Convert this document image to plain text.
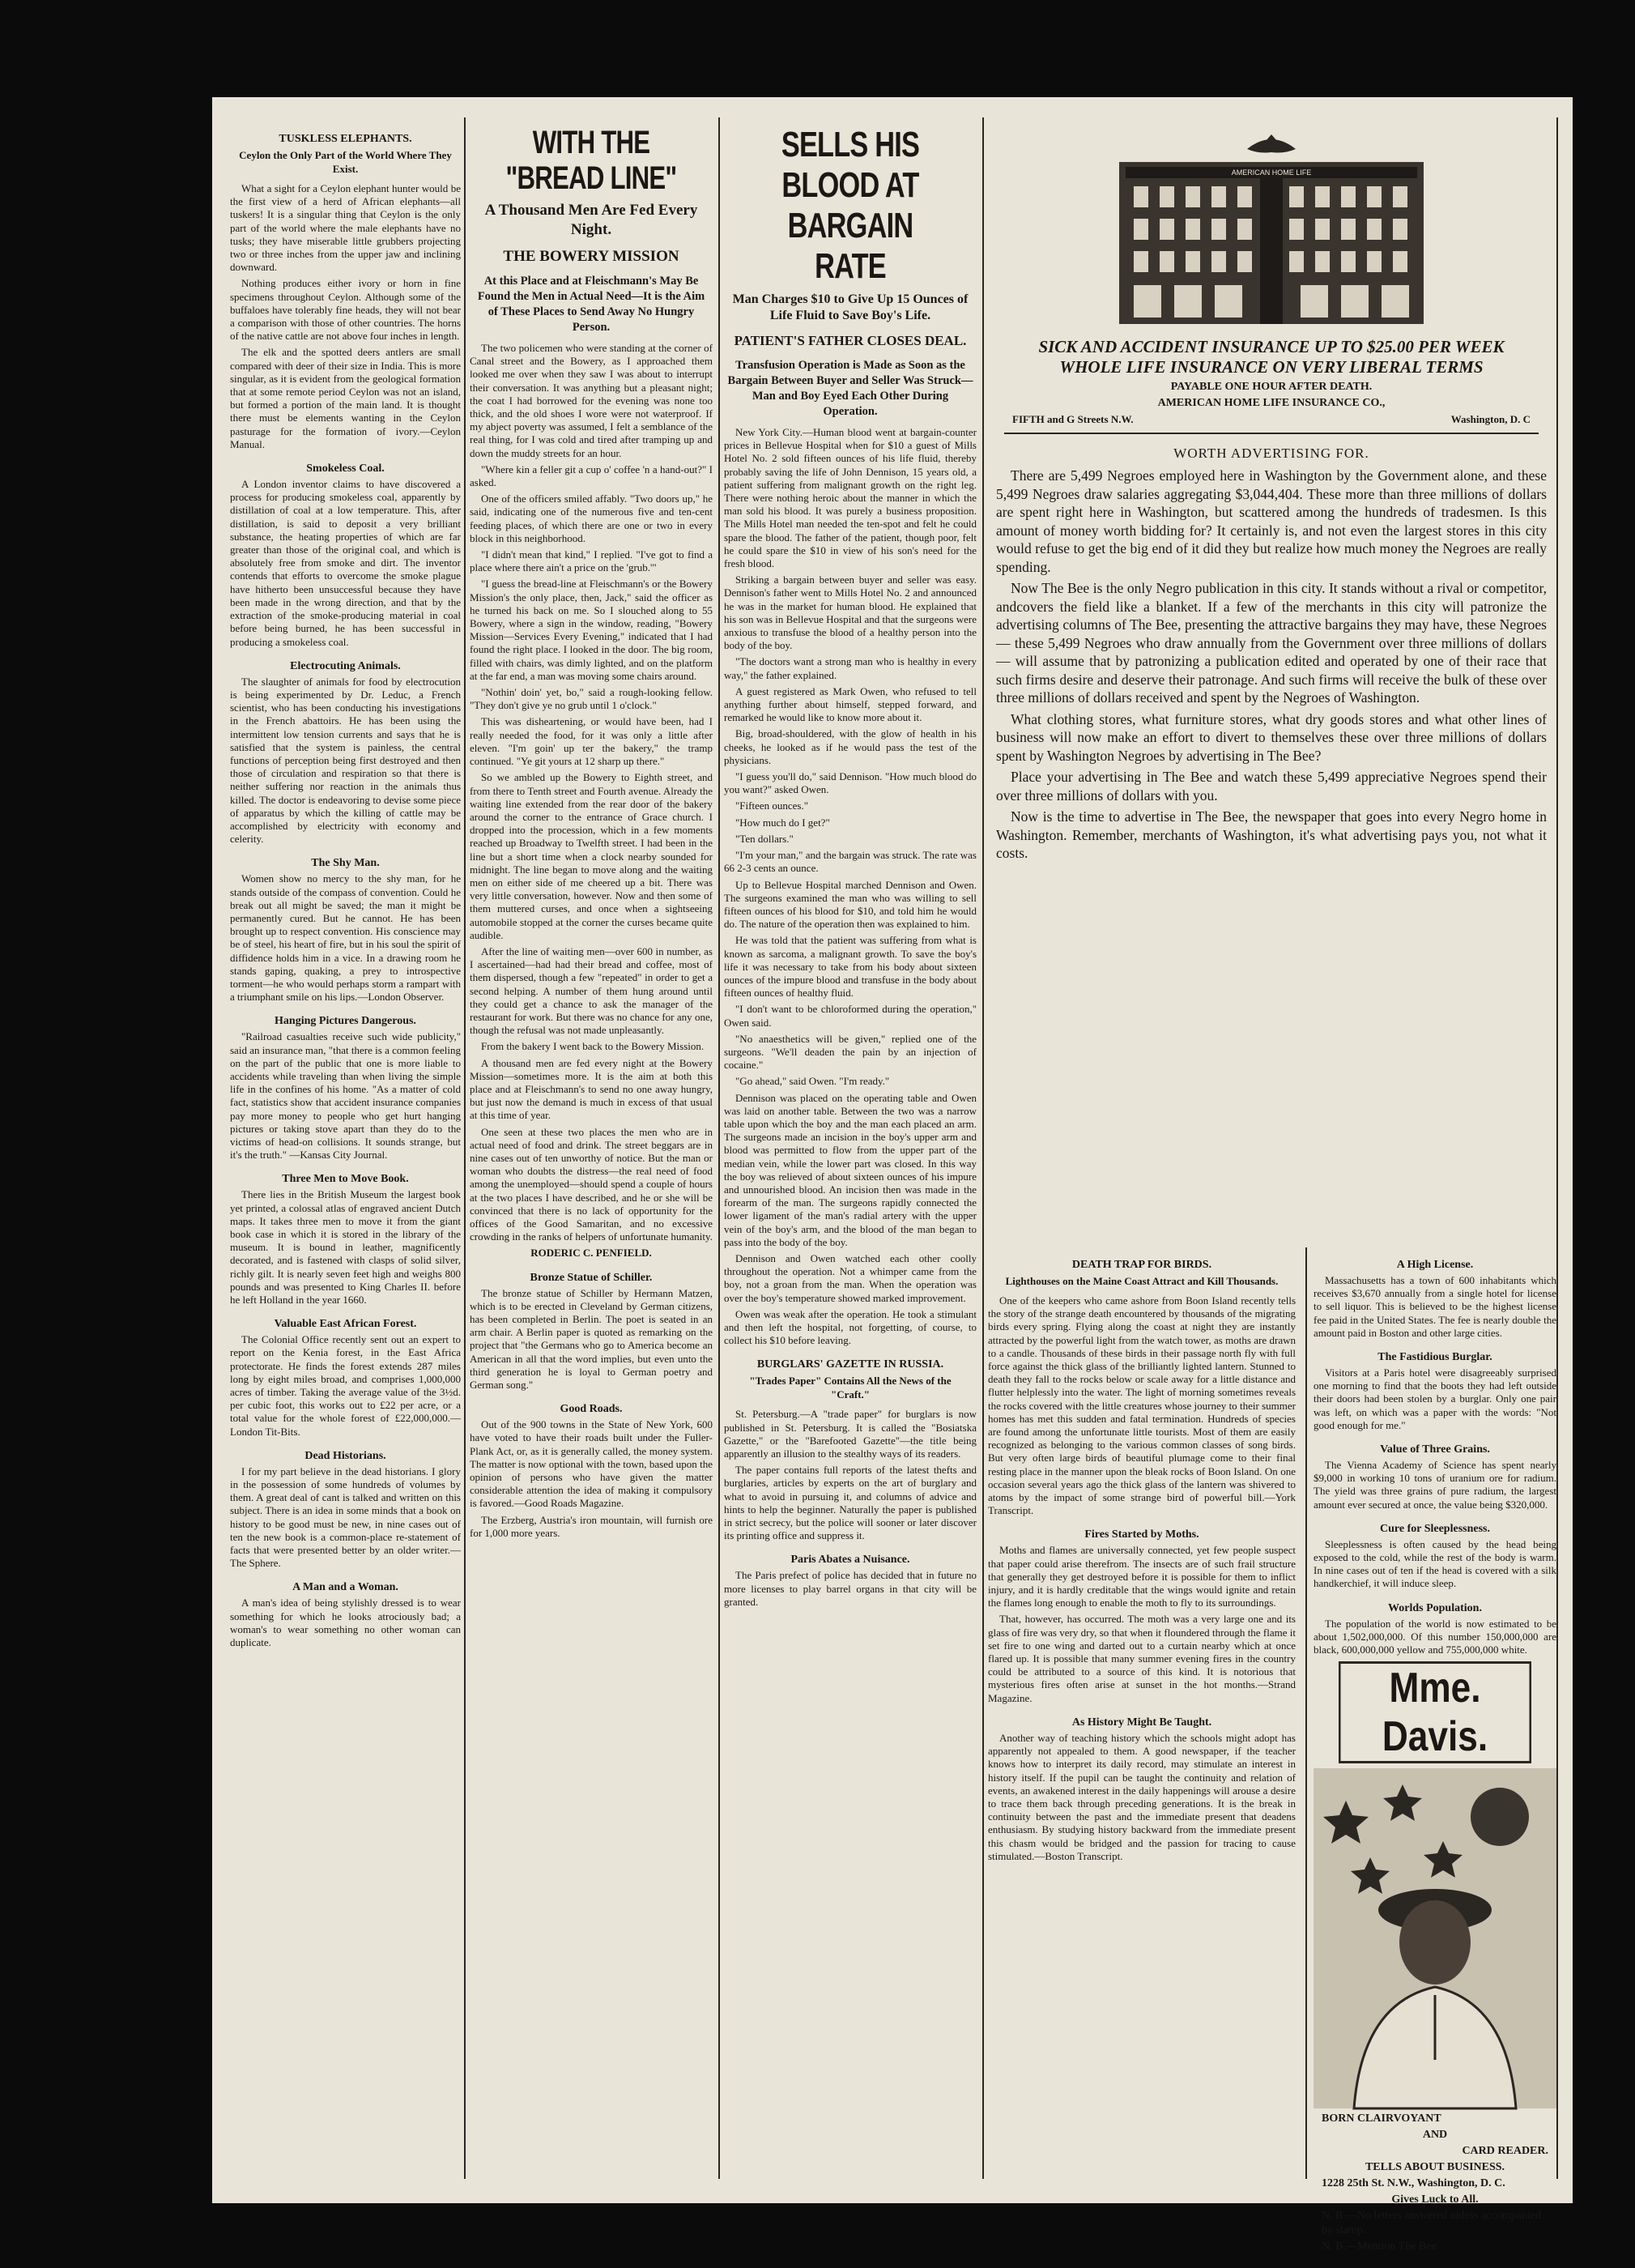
TUSKLESS ELEPHANTS.
Ceylon the Only Part of the World Where They Exist.

What a sight for a Ceylon elephant hunter would be the first view of a herd of African elephants—all tuskers! It is a singular thing that Ceylon is the only part of the world where the male elephants have no tusks; they have miserable little grubbers projecting two or three inches from the upper jaw and inclining downward.

Nothing produces either ivory or horn in fine specimens throughout Ceylon. Although some of the buffaloes have tolerably fine heads, they will not bear a comparison with those of other countries. The horns of the native cattle are not above four inches in length.

The elk and the spotted deers antlers are small compared with deer of their size in India. This is more singular, as it is evident from the geological formation that at some remote period Ceylon was not an island, but formed a portion of the main land. It is thought there must be elements wanting in the Ceylon pasturage for the formation of ivory.—Ceylon Manual.

Smokeless Coal.

A London inventor claims to have discovered a process for producing smokeless coal, apparently by distillation of coal at a low temperature. This, after distillation, is said to deposit a very brilliant substance, the heating properties of which are far greater than those of the original coal, and which is absolutely free from smoke and dirt. The inventor contends that efforts to overcome the smoke plague have hitherto been unsuccessful because they have been made in the wrong direction, and that by the extraction of the smoke-producing material in coal before being burned, he has been successful in producing a smokeless coal.

Electrocuting Animals.

The slaughter of animals for food by electrocution is being experimented by Dr. Leduc, a French scientist, who has been conducting his investigations in the French abattoirs. He has been using the intermittent low tension currents and says that he is satisfied that the system is painless, the central functions of perception being first destroyed and then those of circulation and respiration so that there is neither suffering nor reaction in the animals thus killed. The doctor is endeavoring to devise some piece of apparatus by which the killing of cattle may be accomplished by electricity with economy and celerity.

The Shy Man.

Women show no mercy to the shy man, for he stands outside of the compass of convention. Could he break out all might be saved; the man it might be permanently cured. But he cannot. He has been brought up to respect convention. His conscience may be of steel, his heart of fire, but in his soul the spirit of diffidence holds him in a vice. In a drawing room he stands gaping, quaking, a prey to introspective torment—he who would perhaps storm a rampart with a triumphant smile on his lips.—London Observer.

Hanging Pictures Dangerous.

"Railroad casualties receive such wide publicity," said an insurance man, "that there is a common feeling on the part of the public that one is more liable to accidents while traveling than when living the simple life in the confines of his home. "As a matter of cold fact, statistics show that accident insurance companies pay more money to people who get hurt hanging pictures or taking stove apart than they do to the victims of head-on collisions. It sounds strange, but it's the truth." —Kansas City Journal.

Three Men to Move Book.

There lies in the British Museum the largest book yet printed, a colossal atlas of engraved ancient Dutch maps. It takes three men to move it from the giant book case in which it is stored in the library of the museum. It is bound in leather, magnificently decorated, and is fastened with clasps of solid silver, richly gilt. It is nearly seven feet high and weighs 800 pounds and was presented to King Charles II. before he left Holland in the year 1660.

Valuable East African Forest.

The Colonial Office recently sent out an expert to report on the Kenia forest, in the East Africa protectorate. He finds the forest extends 287 miles long by eight miles broad, and comprises 1,000,000 acres of timber. Taking the average value of the 3½d. per cubic foot, this works out to £22 per acre, or a total value for the whole forest of £22,000,000.—London Tit-Bits.

Dead Historians.

I for my part believe in the dead historians. I glory in the possession of some hundreds of volumes by them. A great deal of cant is talked and written on this subject. There is an idea in some minds that a book on history to be good must be new, in nine cases out of ten the new book is a common-place re-statement of facts that were presented better by an older writer.—The Sphere.

A Man and a Woman.

A man's idea of being stylishly dressed is to wear something for which he looks atrociously bad; a woman's to wear something no other woman can duplicate.

WITH THE "BREAD LINE"
A Thousand Men Are Fed Every Night.
THE BOWERY MISSION
At this Place and at Fleischmann's May Be Found the Men in Actual Need—It is the Aim of These Places to Send Away No Hungry Person.

The two policemen who were standing at the corner of Canal street and the Bowery, as I approached them looked me over when they saw I was about to interrupt their conversation. It was anything but a pleasant night; the coat I had borrowed for the evening was none too thick, and the old shoes I wore were not waterproof. If my abject poverty was assumed, I felt a semblance of the real thing, for I was cold and tired after tramping up and down the muddy streets for an hour.

"Where kin a feller git a cup o' coffee 'n a hand-out?" I asked.

One of the officers smiled affably. "Two doors up," he said, indicating one of the numerous five and ten-cent feeding places, of which there are one or two in every block in this neighborhood.

"I didn't mean that kind," I replied. "I've got to find a place where there ain't a price on the 'grub.'"

"I guess the bread-line at Fleischmann's or the Bowery Mission's the only place, then, Jack," said the officer as he turned his back on me. So I slouched along to 55 Bowery, where a sign in the window, reading, "Bowery Mission—Services Every Evening," indicated that I had found the right place. I looked in the door. The big room, filled with chairs, was dimly lighted, and on the platform at the far end, a man was moving some chairs around.

"Nothin' doin' yet, bo," said a rough-looking fellow. "They don't give ye no grub until 1 o'clock."

This was disheartening, or would have been, had I really needed the food, for it was only a little after eleven. "I'm goin' up ter the bakery," the tramp continued. "Ye git yours at 12 sharp up there."

So we ambled up the Bowery to Eighth street, and from there to Tenth street and Fourth avenue. Already the waiting line extended from the rear door of the bakery around the corner to the entrance of Grace church. I dropped into the procession, which in a few moments reached up Broadway to Twelfth street. I had been in the line but a short time when a clock nearby sounded for midnight. The line began to move along and the waiting men on either side of me cheered up a bit. There was very little conversation, however. Now and then some of them muttered curses, and once when a sightseeing automobile stopped at the corner the curses became quite audible.

After the line of waiting men—over 600 in number, as I ascertained—had had their bread and coffee, most of them dispersed, though a few "repeated" in order to get a second helping. A number of them hung around until they could get a chance to ask the manager of the restaurant for work. But there was no chance for any one, though the refusal was not made unpleasantly.

From the bakery I went back to the Bowery Mission.

A thousand men are fed every night at the Bowery Mission—sometimes more. It is the aim at both this place and at Fleischmann's to send no one away hungry, but just now the demand is much in excess of that usual at this time of year.

One seen at these two places the men who are in actual need of food and drink. The street beggars are in nine cases out of ten unworthy of notice. But the man or woman who doubts the distress—the real need of food among the unemployed—should spend a couple of hours at the two places I have described, and he or she will be convinced that there is no lack of opportunity for the offices of the Good Samaritan, and no excessive crowding in the ranks of helpers of unfortunate humanity.

RODERIC C. PENFIELD.

Bronze Statue of Schiller.

The bronze statue of Schiller by Hermann Matzen, which is to be erected in Cleveland by German citizens, has been completed in Berlin. The poet is seated in an arm chair. A Berlin paper is quoted as remarking on the project that "the Germans who go to America become an American in all that the word implies, but even unto the third generation he is loyal to German poetry and German song."

Good Roads.

Out of the 900 towns in the State of New York, 600 have voted to have their roads built under the Fuller-Plank Act, or, as it is generally called, the money system. The matter is now optional with the town, based upon the opinion of persons who have given the matter considerable attention the idea of making it compulsory is favored.—Good Roads Magazine.

The Erzberg, Austria's iron mountain, will furnish ore for 1,000 more years.

SELLS HIS BLOOD AT BARGAIN RATE
Man Charges $10 to Give Up 15 Ounces of Life Fluid to Save Boy's Life.
PATIENT'S FATHER CLOSES DEAL.
Transfusion Operation is Made as Soon as the Bargain Between Buyer and Seller Was Struck—Man and Boy Eyed Each Other During Operation.

New York City.—Human blood went at bargain-counter prices in Bellevue Hospital when for $10 a guest of Mills Hotel No. 2 sold fifteen ounces of his life fluid, thereby probably saving the life of John Dennison, 15 years old, a patient suffering from malignant growth on the right leg. There were nothing heroic about the manner in which the man sold his blood. It was purely a business proposition. The Mills Hotel man needed the ten-spot and felt he could spare the blood. The father of the patient, though poor, felt he could spare the $10 in view of his son's need for the fresh blood.

Striking a bargain between buyer and seller was easy. Dennison's father went to Mills Hotel No. 2 and announced he was in the market for human blood. He explained that his son was in Bellevue Hospital and that the surgeons were anxious to transfuse the blood of a healthy person into the body of the boy.

"The doctors want a strong man who is healthy in every way," the father explained.

A guest registered as Mark Owen, who refused to tell anything further about himself, stepped forward, and remarked he would like to know more about it.

Big, broad-shouldered, with the glow of health in his cheeks, he looked as if he would pass the test of the physicians.

"I guess you'll do," said Dennison. "How much blood do you want?" asked Owen.

"Fifteen ounces."

"How much do I get?"

"Ten dollars."

"I'm your man," and the bargain was struck. The rate was 66 2-3 cents an ounce.

Up to Bellevue Hospital marched Dennison and Owen. The surgeons examined the man who was willing to sell fifteen ounces of his blood for $10, and told him he would do. The nature of the operation then was explained to him.

He was told that the patient was suffering from what is known as sarcoma, a malignant growth. To save the boy's life it was necessary to take from his body about sixteen ounces of the impure blood and transfuse in the body about fifteen ounces of healthy fluid.

"I don't want to be chloroformed during the operation," Owen said.

"No anaesthetics will be given," replied one of the surgeons. "We'll deaden the pain by an injection of cocaine."

"Go ahead," said Owen. "I'm ready."

Dennison was placed on the operating table and Owen was laid on another table. Between the two was a narrow table upon which the boy and the man each placed an arm. The surgeons made an incision in the boy's upper arm and blood was permitted to flow from the upper part of the median vein, while the lower part was closed. In this way the boy was relieved of about sixteen ounces of his impure and unnourished blood. An incision then was made in the forearm of the man. The surgeons rapidly connected the lower ligament of the man's radial artery with the upper vein of the boy's arm, and the blood of the man began to pass into the body of the boy.

Dennison and Owen watched each other coolly throughout the operation. Not a whimper came from the boy, not a groan from the man. When the operation was over the boy's temperature showed marked improvement.

Owen was weak after the operation. He took a stimulant and then left the hospital, not forgetting, of course, to collect his $10 before leaving.

BURGLARS' GAZETTE IN RUSSIA.
"Trades Paper" Contains All the News of the "Craft."

St. Petersburg.—A "trade paper" for burglars is now published in St. Petersburg. It is called the "Bosiatska Gazette," or the "Barefooted Gazette"—the title being apparently an illusion to the stealthy ways of its readers.

The paper contains full reports of the latest thefts and burglaries, articles by experts on the art of burglary and what to avoid in pursuing it, and columns of advice and hints to help the beginner. Naturally the paper is published in strict secrecy, but the police will sooner or later discover its printing office and suppress it.

Paris Abates a Nuisance.

The Paris prefect of police has decided that in future no more licenses to play barrel organs in that city will be granted.

AMERICAN HOME LIFE
SICK AND ACCIDENT INSURANCE UP TO $25.00 PER WEEK WHOLE LIFE INSURANCE ON VERY LIBERAL TERMS
PAYABLE ONE HOUR AFTER DEATH.
AMERICAN HOME LIFE INSURANCE CO.,
FIFTH and G Streets N.W.	Washington, D. C
WORTH ADVERTISING FOR.

There are 5,499 Negroes employed here in Washington by the Government alone, and these 5,499 Negroes draw salaries aggregating $3,044,404. These more than three millions of dollars are spent right here in Washington, but scattered among the hundreds of tradesmen. Is this amount of money worth bidding for? It certainly is, and not even the largest stores in this city would refuse to get the big end of it did they but realize how much money the Negroes are really spending.

Now The Bee is the only Negro publication in this city. It stands without a rival or competitor, andcovers the field like a blanket. If a few of the merchants in this city will patronize the advertising columns of The Bee, presenting the attractive bargains they may have, these Negroes — these 5,499 Negroes who draw annually from the Government over three millions of dollars — will assume that by patronizing a publication edited and operated by one of their race that such firms desire and deserve their patronage. And such firms will receive the bulk of these over three millions of dollars received and spent by the Negroes of Washington.

What clothing stores, what furniture stores, what dry goods stores and what other lines of business will now make an effort to divert to themselves these over three millions of dollars spent by Washington Negroes by advertising in The Bee?

Place your advertising in The Bee and watch these 5,499 appreciative Negroes spend their over three millions of dollars with you.

Now is the time to advertise in The Bee, the newspaper that goes into every Negro home in Washington. Remember, merchants of Washington, it's what advertising pays you, not what it costs.

DEATH TRAP FOR BIRDS.
Lighthouses on the Maine Coast Attract and Kill Thousands.

One of the keepers who came ashore from Boon Island recently tells the story of the strange death encountered by thousands of the migrating birds every spring. Flying along the coast at night they are instantly attracted by the powerful light from the watch tower, as moths are drawn to a candle. Thousands of these birds in their passage north fly with full force against the thick glass of the brilliantly lighted lantern. Stunned to death they fall to the rocks below or scale away for a little distance and flutter helplessly into the water. The light of morning sometimes reveals the rocks covered with the little creatures whose journey to their summer homes has met this sudden and fatal termination. Hundreds of species are found among the unfortunate little tourists. Most of them are easily recognized as belonging to the various common classes of song birds. But very often large birds of beautiful plumage come to their final resting place in the manner upon the bleak rocks of Boon Island. On one occasion several years ago the thick glass of the lantern was shivered to atoms by the impact of some strange bird of powerful bill.—York Transcript.

Fires Started by Moths.

Moths and flames are universally connected, yet few people suspect that paper could arise therefrom. The insects are of such frail structure that generally they get destroyed before it is possible for them to inflict injury, and it is hardly creditable that the wings would ignite and retain the flames long enough to enable the moth to fly to its surroundings.

That, however, has occurred. The moth was a very large one and its glass of fire was very dry, so that when it floundered through the flame it set fire to one wing and darted out to a curtain nearby which at once flared up. It is possible that many summer evening fires in the country could be attributed to a source of this kind. It is notorious that mysterious fires often arise at sunset in the hot months.—Strand Magazine.

As History Might Be Taught.

Another way of teaching history which the schools might adopt has apparently not appealed to them. A good newspaper, if the teacher knows how to interpret its daily record, may stimulate an interest in history itself. If the pupil can be taught the continuity and relation of events, an awakened interest in the daily happenings will arouse a desire to trace them back through preceding generations. It is the break in continuity between the past and the immediate present that deadens enthusiasm. By studying history backward from the immediate present this chasm would be bridged and the passion for tracing to cause stimulated.—Boston Transcript.

A High License.

Massachusetts has a town of 600 inhabitants which receives $3,670 annually from a single hotel for license to sell liquor. This is believed to be the highest license fee paid in the United States. The fee is nearly double the amount paid in Boston and other large cities.

The Fastidious Burglar.

Visitors at a Paris hotel were disagreeably surprised one morning to find that the boots they had left outside their doors had been stolen by a burglar. Only one pair was left, on which was a paper with the words: "Not good enough for me."

Value of Three Grains.

The Vienna Academy of Science has spent nearly $9,000 in working 10 tons of uranium ore for radium. The yield was three grains of pure radium, the largest amount ever secured at once, the value being $320,000.

Cure for Sleeplessness.

Sleeplessness is often caused by the head being exposed to the cold, while the rest of the body is warm. In nine cases out of ten if the head is covered with a silk handkerchief, it will induce sleep.

Worlds Population.

The population of the world is now estimated to be about 1,502,000,000. Of this number 150,000,000 are black, 600,000,000 yellow and 755,000,000 white.

Mme. Davis.
BORN CLAIRVOYANT
AND
CARD READER.
TELLS ABOUT BUSINESS.
1228 25th St. N.W., Washington, D. C.
Gives Luck to All.
N. B.—No letters answered unless accompanied by stamp.
N. B.—Mention The Bee.
